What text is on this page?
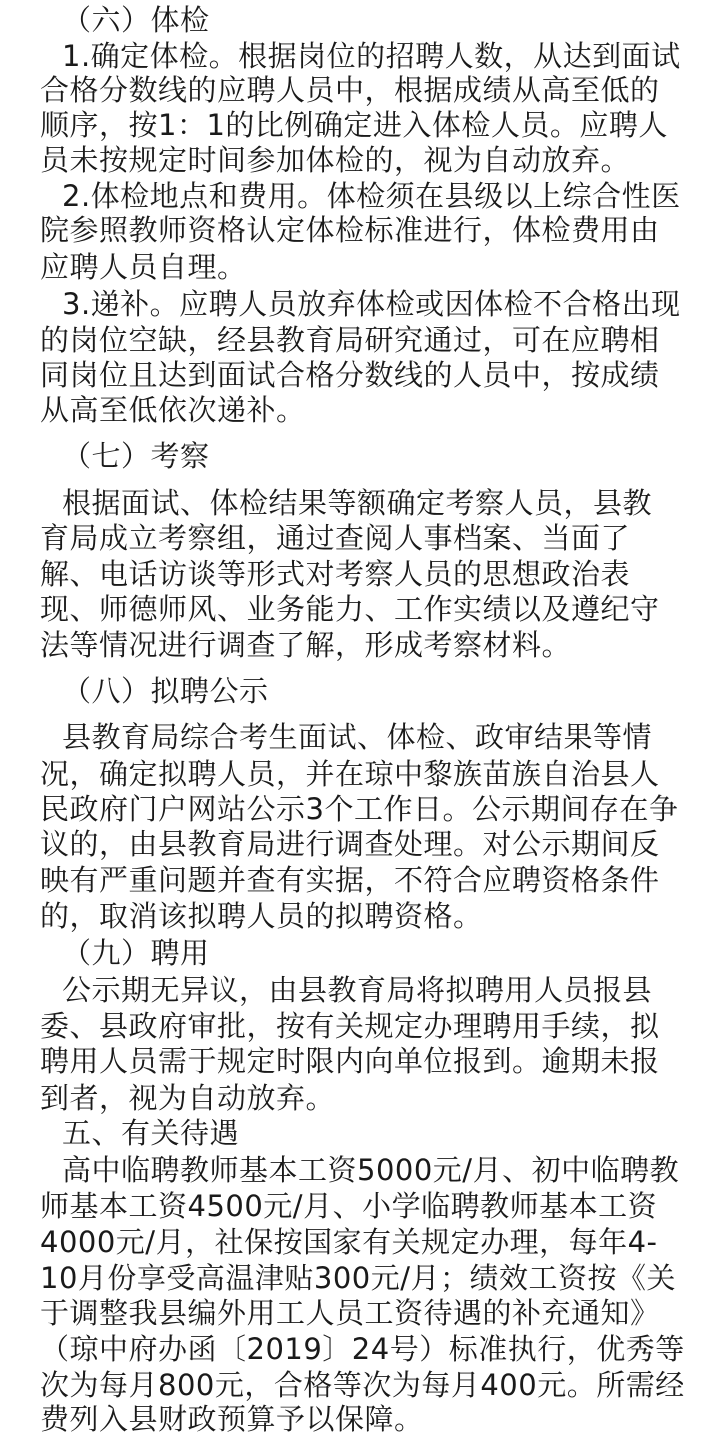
（六）体检
1.确定体检。根据岗位的招聘人数，从达到面试
合格分数线的应聘人员中，根据成绩从高至低的
顺序，按1：1的比例确定进入体检人员。应聘人
员未按规定时间参加体检的，视为自动放弃。
2.体检地点和费用。体检须在县级以上综合性医
院参照教师资格认定体检标准进行，体检费用由
应聘人员自理。
3.递补。应聘人员放弃体检或因体检不合格出现
的岗位空缺，经县教育局研究通过，可在应聘相
同岗位且达到面试合格分数线的人员中，按成绩
从高至低依次递补。
（七）考察
根据面试、体检结果等额确定考察人员，县教
育局成立考察组，通过查阅人事档案、当面了
解、电话访谈等形式对考察人员的思想政治表
现、师德师风、业务能力、工作实绩以及遵纪守
法等情况进行调查了解，形成考察材料。
（八）拟聘公示
县教育局综合考生面试、体检、政审结果等情
况，确定拟聘人员，并在琼中黎族苗族自治县人
民政府门户网站公示3个工作日。公示期间存在争
议的，由县教育局进行调查处理。对公示期间反
映有严重问题并查有实据，不符合应聘资格条件
的，取消该拟聘人员的拟聘资格。
（九）聘用
公示期无异议，由县教育局将拟聘用人员报县
委、县政府审批，按有关规定办理聘用手续，拟
聘用人员需于规定时限内向单位报到。逾期未报
到者，视为自动放弃。
五、有关待遇
高中临聘教师基本工资5000元/月、初中临聘教
师基本工资4500元/月、小学临聘教师基本工资
4000元/月，社保按国家有关规定办理，每年4-
10月份享受高温津贴300元/月；绩效工资按《关
于调整我县编外用工人员工资待遇的补充通知》
（琼中府办函〔2019〕24号）标准执行，优秀等
次为每月800元，合格等次为每月400元。所需经
费列入县财政预算予以保障。
